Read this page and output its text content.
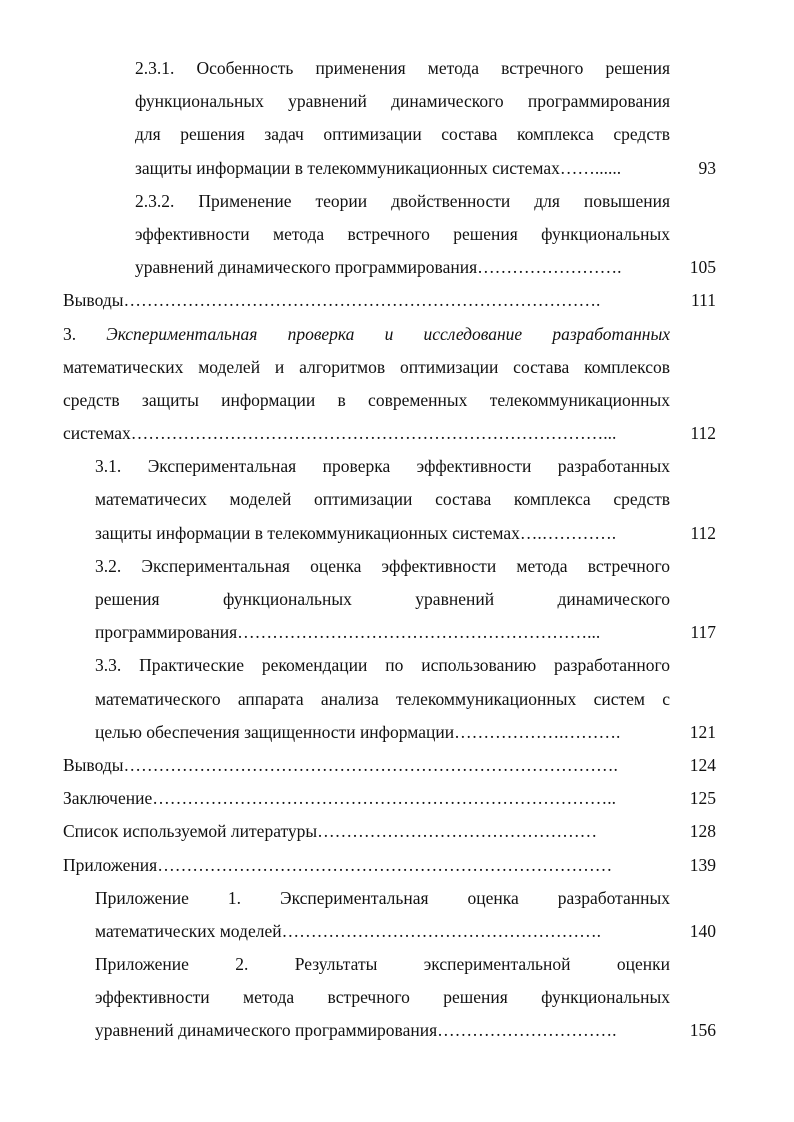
2.3.1. Особенность применения метода встречного решения
функциональных уравнений динамического программирования
для решения задач оптимизации состава комплекса средств
защиты информации в телекоммуникационных системах……......	93
2.3.2. Применение теории двойственности для повышения
эффективности метода встречного решения функциональных
уравнений динамического программирования…………………….	105
Выводы……………………………………………………………………….	111
3. Экспериментальная проверка и исследование разработанных
математических моделей и алгоритмов оптимизации состава комплексов
средств защиты информации в современных телекоммуникационных
системах………………………………………………………………………...	112
3.1. Экспериментальная проверка эффективности разработанных
математичесих моделей оптимизации состава комплекса средств
защиты информации в телекоммуникационных системах….………….	112
3.2. Экспериментальная оценка эффективности метода встречного
решения функциональных уравнений динамического
программирования……………………………………………………...	117
3.3. Практические рекомендации по использованию разработанного
математического аппарата анализа телекоммуникационных систем с
целью обеспечения защищенности информации……………….……….	121
Выводы………………………………………………………………………….	124
Заключение……………………………………………………………………..	125
Список используемой литературы…………………………………………	128
Приложения……………………………………………………………………	139
Приложение 1. Экспериментальная оценка разработанных
математических моделей……………………………………………….	140
Приложение 2. Результаты экспериментальной оценки
эффективности метода встречного решения функциональных
уравнений динамического программирования………………………….	156
